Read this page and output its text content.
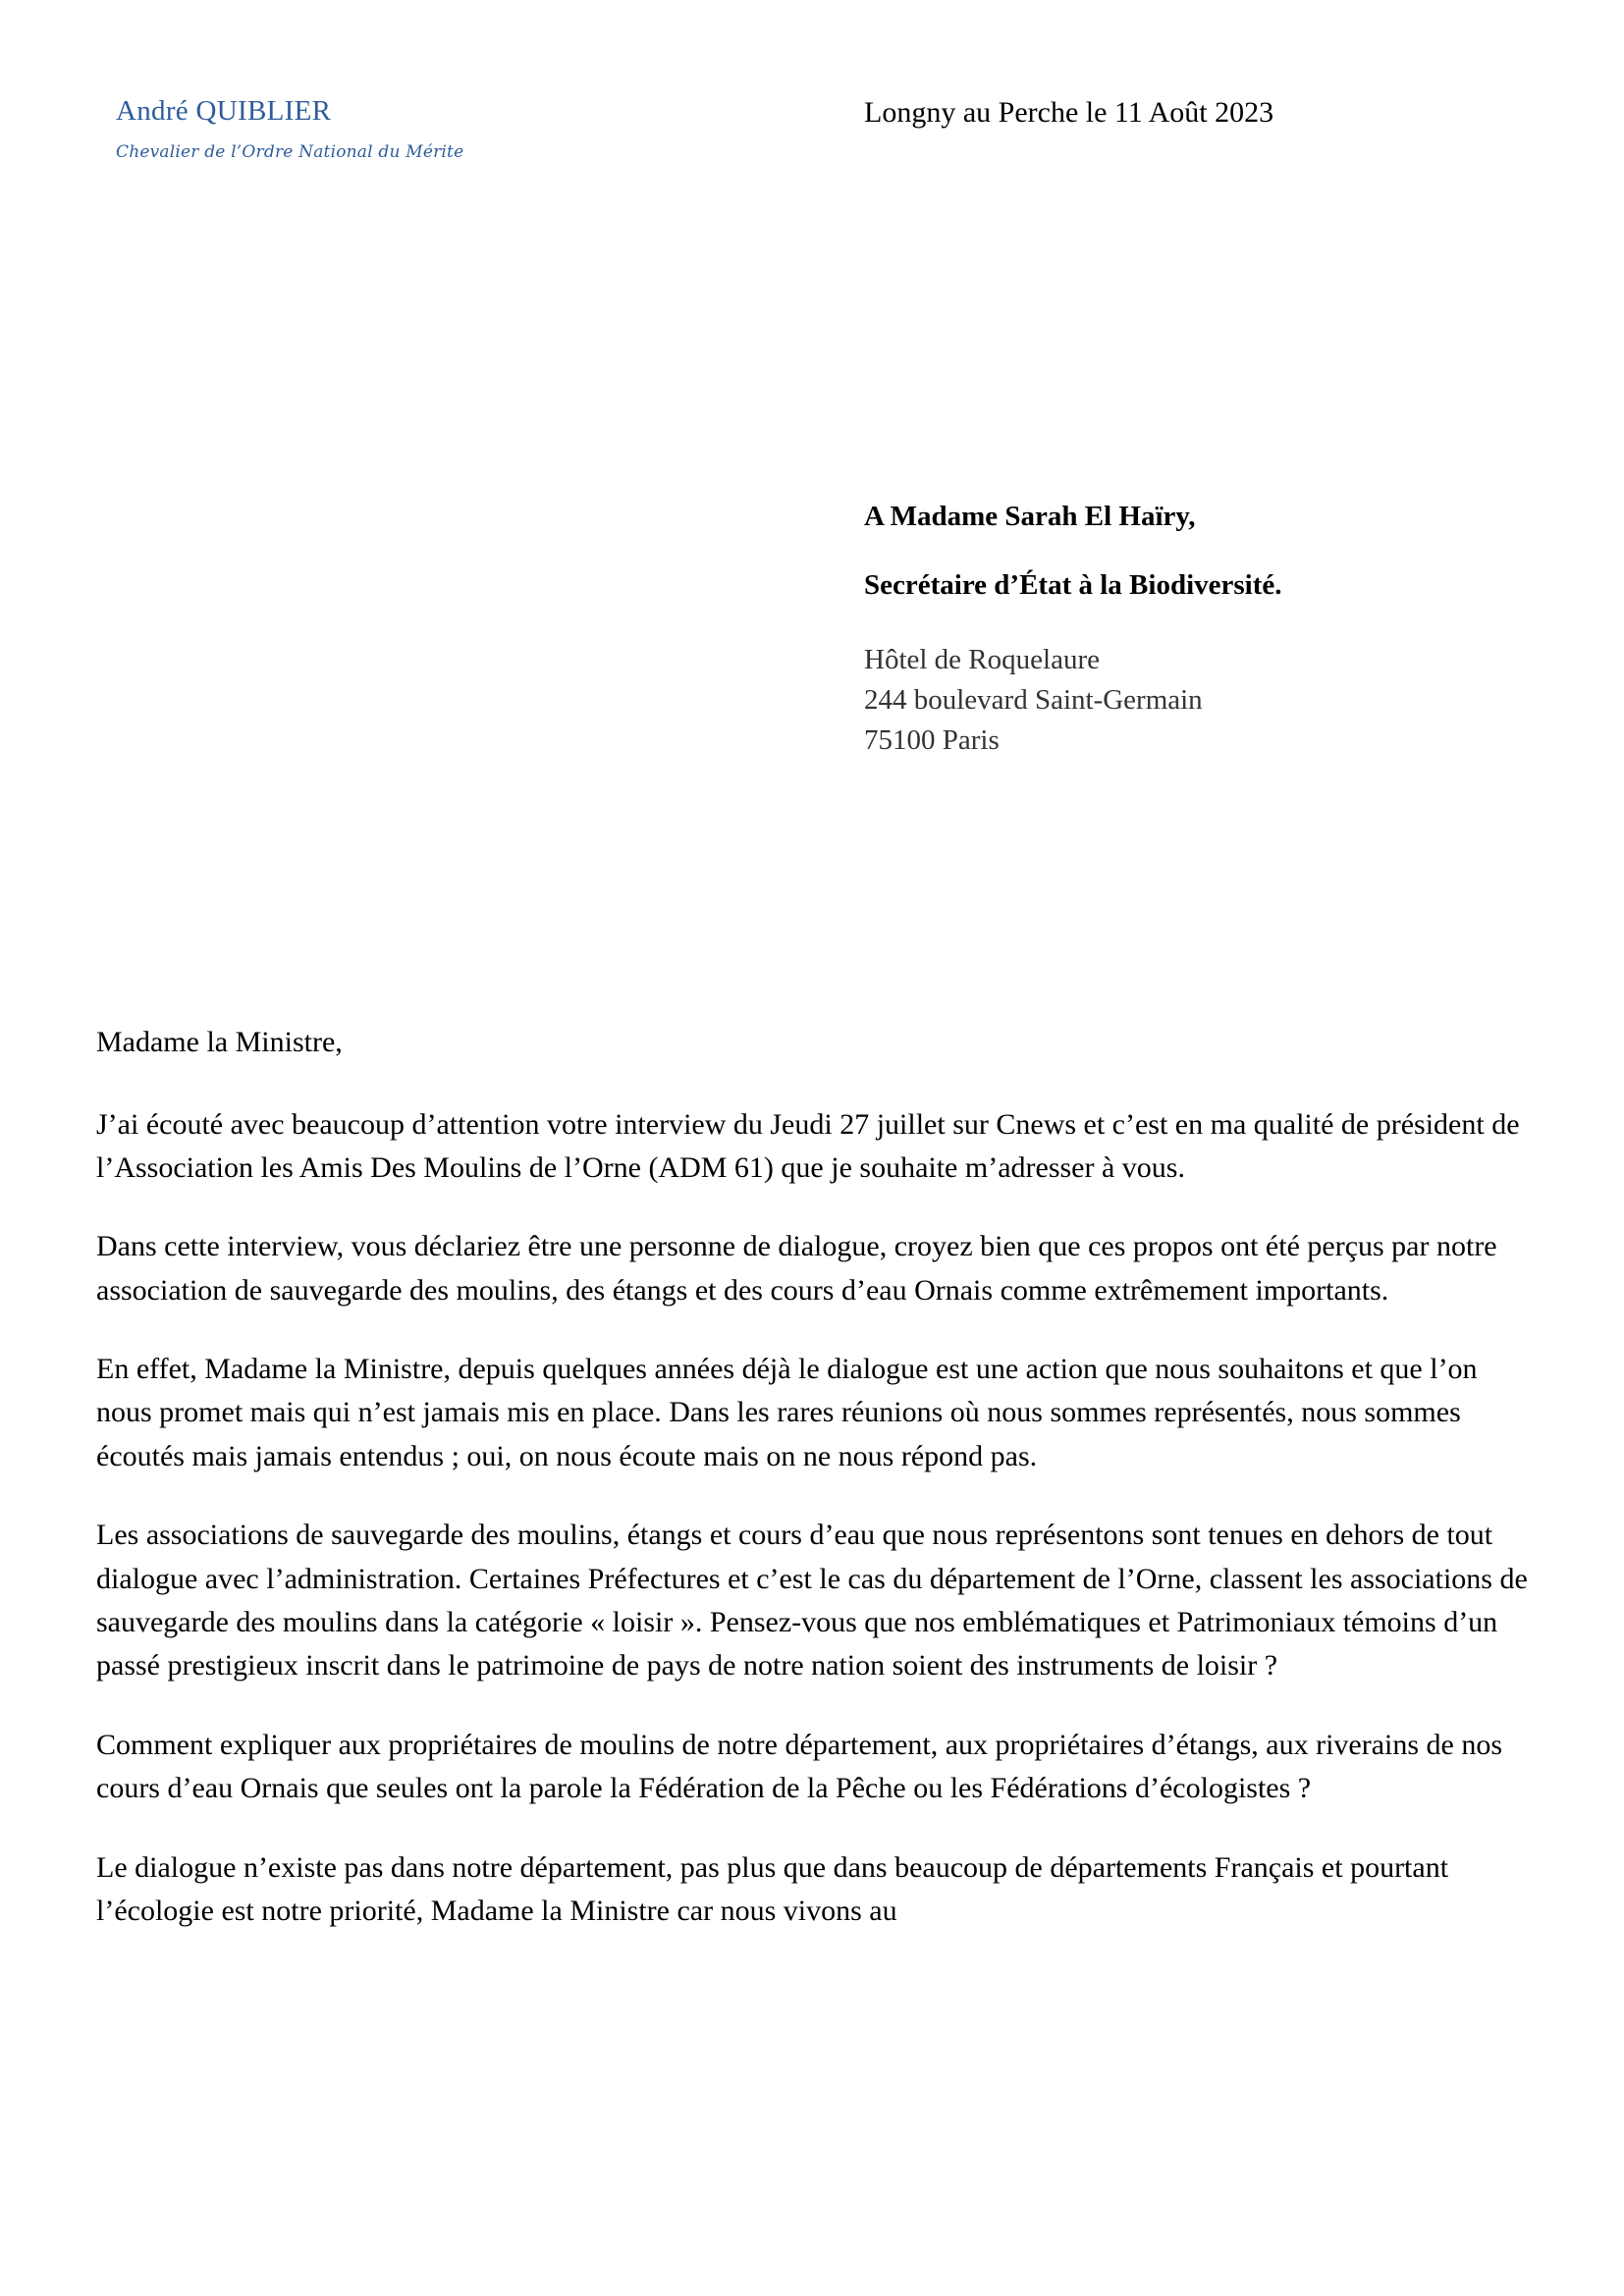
André QUIBLIER
Chevalier de l’Ordre National du Mérite
Longny au Perche le 11 Août 2023
A Madame Sarah El Haïry,
Secrétaire d’État à la Biodiversité.
Hôtel de Roquelaure
244 boulevard Saint-Germain
75100 Paris
Madame la Ministre,

J’ai écouté avec beaucoup d’attention votre interview du Jeudi 27 juillet sur Cnews et c’est en ma qualité de président de l’Association les Amis Des Moulins de l’Orne (ADM 61) que je souhaite m’adresser à vous.

Dans cette interview, vous déclariez être une personne de dialogue, croyez bien que ces propos ont été perçus par notre association de sauvegarde des moulins, des étangs et des cours d’eau Ornais comme extrêmement importants.

En effet, Madame la Ministre, depuis quelques années déjà le dialogue est une action que nous souhaitons et que l’on nous promet mais qui n’est jamais mis en place. Dans les rares réunions où nous sommes représentés, nous sommes écoutés mais jamais entendus ; oui, on nous écoute mais on ne nous répond pas.

Les associations de sauvegarde des moulins, étangs et cours d’eau que nous représentons sont tenues en dehors de tout dialogue avec l’administration. Certaines Préfectures et c’est le cas du département de l’Orne, classent les associations de sauvegarde des moulins dans la catégorie « loisir ». Pensez-vous que nos emblématiques et Patrimoniaux témoins d’un passé prestigieux inscrit dans le patrimoine de pays de notre nation soient des instruments de loisir ?

Comment expliquer aux propriétaires de moulins de notre département, aux propriétaires d’étangs, aux riverains de nos cours d’eau Ornais que seules ont la parole la Fédération de la Pêche ou les Fédérations d’écologistes ?

Le dialogue n’existe pas dans notre département, pas plus que dans beaucoup de départements Français et pourtant l’écologie est notre priorité, Madame la Ministre car nous vivons au
